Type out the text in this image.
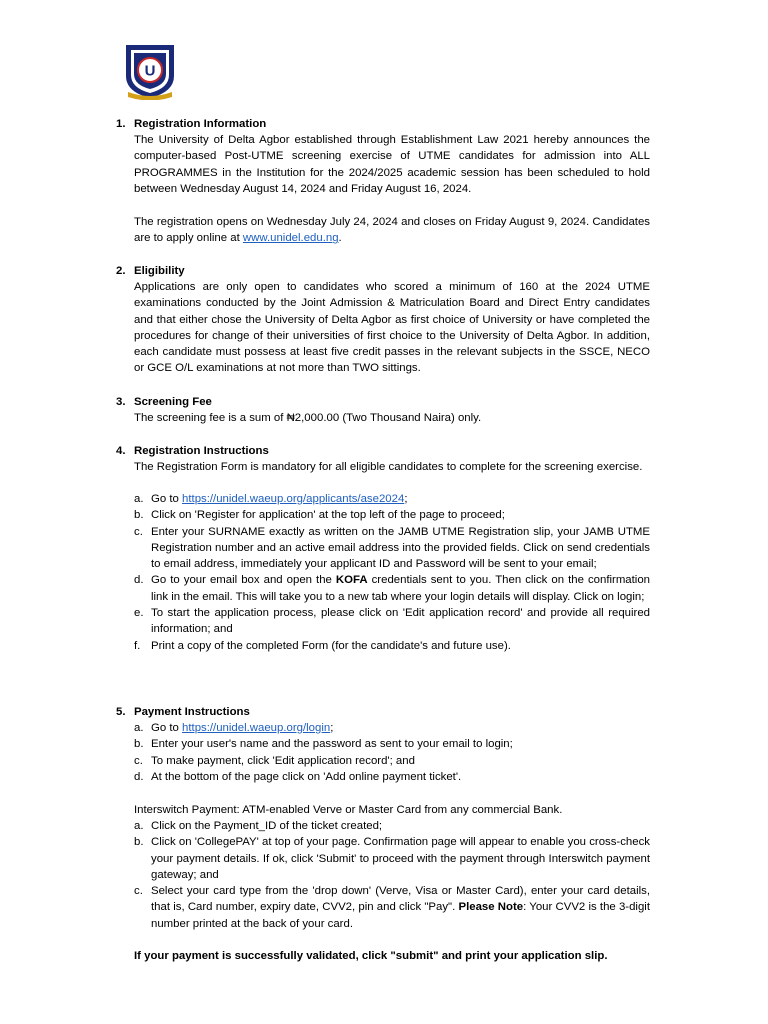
U
1. Registration Information
The University of Delta Agbor established through Establishment Law 2021 hereby announces the computer-based Post-UTME screening exercise of UTME candidates for admission into ALL PROGRAMMES in the Institution for the 2024/2025 academic session has been scheduled to hold between Wednesday August 14, 2024 and Friday August 16, 2024.
The registration opens on Wednesday July 24, 2024 and closes on Friday August 9, 2024. Candidates are to apply online at www.unidel.edu.ng.
2. Eligibility
Applications are only open to candidates who scored a minimum of 160 at the 2024 UTME examinations conducted by the Joint Admission & Matriculation Board and Direct Entry candidates and that either chose the University of Delta Agbor as first choice of University or have completed the procedures for change of their universities of first choice to the University of Delta Agbor. In addition, each candidate must possess at least five credit passes in the relevant subjects in the SSCE, NECO or GCE O/L examinations at not more than TWO sittings.
3. Screening Fee
The screening fee is a sum of ₦2,000.00 (Two Thousand Naira) only.
4. Registration Instructions
The Registration Form is mandatory for all eligible candidates to complete for the screening exercise.
a. Go to https://unidel.waeup.org/applicants/ase2024;
b. Click on 'Register for application' at the top left of the page to proceed;
c. Enter your SURNAME exactly as written on the JAMB UTME Registration slip, your JAMB UTME Registration number and an active email address into the provided fields. Click on send credentials to email address, immediately your applicant ID and Password will be sent to your email;
d. Go to your email box and open the KOFA credentials sent to you. Then click on the confirmation link in the email. This will take you to a new tab where your login details will display. Click on login;
e. To start the application process, please click on 'Edit application record' and provide all required information; and
f. Print a copy of the completed Form (for the candidate's and future use).
5. Payment Instructions
a. Go to https://unidel.waeup.org/login;
b. Enter your user's name and the password as sent to your email to login;
c. To make payment, click 'Edit application record'; and
d. At the bottom of the page click on 'Add online payment ticket'.
Interswitch Payment: ATM-enabled Verve or Master Card from any commercial Bank.
a. Click on the Payment_ID of the ticket created;
b. Click on 'CollegePAY' at top of your page. Confirmation page will appear to enable you cross-check your payment details. If ok, click 'Submit' to proceed with the payment through Interswitch payment gateway; and
c. Select your card type from the 'drop down' (Verve, Visa or Master Card), enter your card details, that is, Card number, expiry date, CVV2, pin and click "Pay". Please Note: Your CVV2 is the 3-digit number printed at the back of your card.
If your payment is successfully validated, click "submit" and print your application slip.
